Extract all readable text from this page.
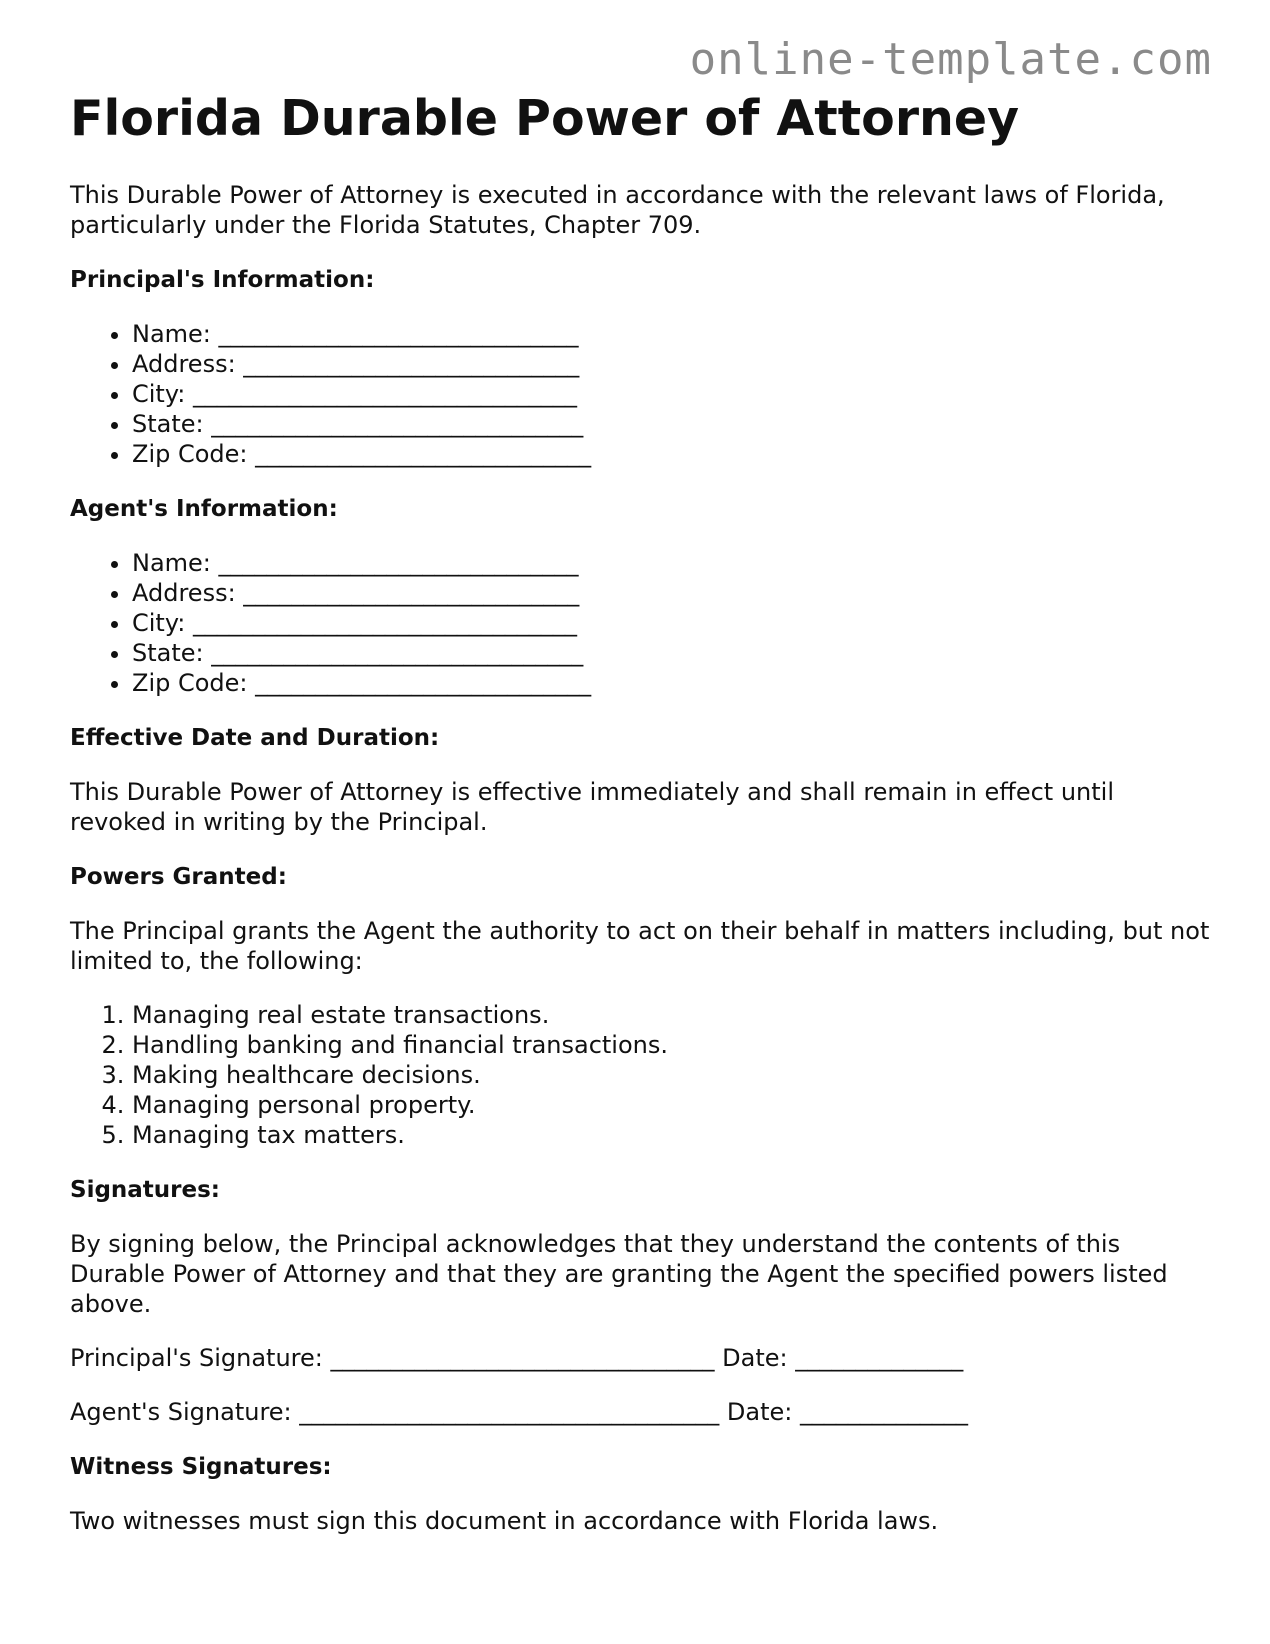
online-template.com
Florida Durable Power of Attorney

This Durable Power of Attorney is executed in accordance with the relevant laws of Florida, particularly under the Florida Statutes, Chapter 709.

Principal's Information:
• Name: ______________________________
• Address: ____________________________
• City: ________________________________
• State: _______________________________
• Zip Code: ____________________________
Agent's Information:
• Name: ______________________________
• Address: ____________________________
• City: ________________________________
• State: _______________________________
• Zip Code: ____________________________
Effective Date and Duration:

This Durable Power of Attorney is effective immediately and shall remain in effect until revoked in writing by the Principal.

Powers Granted:

The Principal grants the Agent the authority to act on their behalf in matters including, but not limited to, the following:

1. Managing real estate transactions.
2. Handling banking and financial transactions.
3. Making healthcare decisions.
4. Managing personal property.
5. Managing tax matters.
Signatures:

By signing below, the Principal acknowledges that they understand the contents of this Durable Power of Attorney and that they are granting the Agent the specified powers listed above.

Principal's Signature: ________________________________ Date: ______________
Agent's Signature: ___________________________________ Date: ______________
Witness Signatures:

Two witnesses must sign this document in accordance with Florida laws.
